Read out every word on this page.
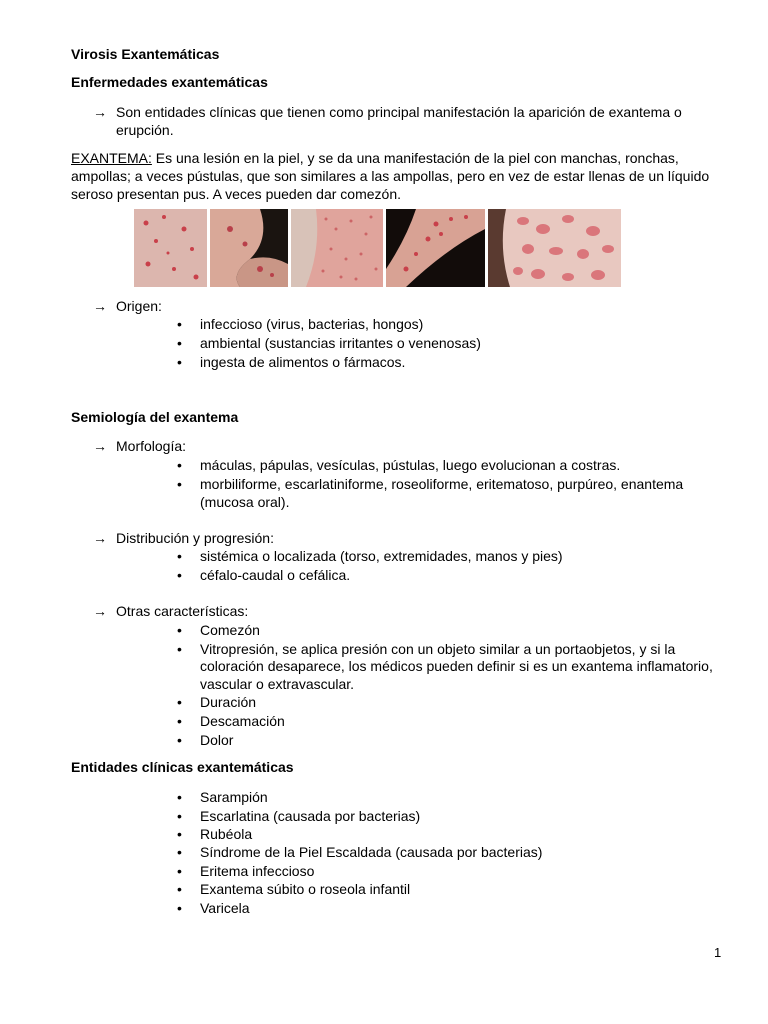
Virosis Exantemáticas
Enfermedades exantemáticas
→ Son entidades clínicas que tienen como principal manifestación la aparición de exantema o
erupción.
EXANTEMA: Es una lesión en la piel, y se da una manifestación de la piel con manchas, ronchas,
ampollas; a veces pústulas, que son similares a las ampollas, pero en vez de estar llenas de un líquido
seroso presentan pus. A veces pueden dar comezón.
→ Origen:
• infeccioso (virus, bacterias, hongos)
• ambiental (sustancias irritantes o venenosas)
• ingesta de alimentos o fármacos.
Semiología del exantema
→ Morfología:
• máculas, pápulas, vesículas, pústulas, luego evolucionan a costras.
• morbiliforme, escarlatiniforme, roseoliforme, eritematoso, purpúreo, enantema
(mucosa oral).
→ Distribución y progresión:
• sistémica o localizada (torso, extremidades, manos y pies)
• céfalo-caudal o cefálica.
→ Otras características:
• Comezón
• Vitropresión, se aplica presión con un objeto similar a un portaobjetos, y si la
coloración desaparece, los médicos pueden definir si es un exantema inflamatorio,
vascular o extravascular.
• Duración
• Descamación
• Dolor
Entidades clínicas exantemáticas
• Sarampión
• Escarlatina (causada por bacterias)
• Rubéola
• Síndrome de la Piel Escaldada (causada por bacterias)
• Eritema infeccioso
• Exantema súbito o roseola infantil
• Varicela
1
